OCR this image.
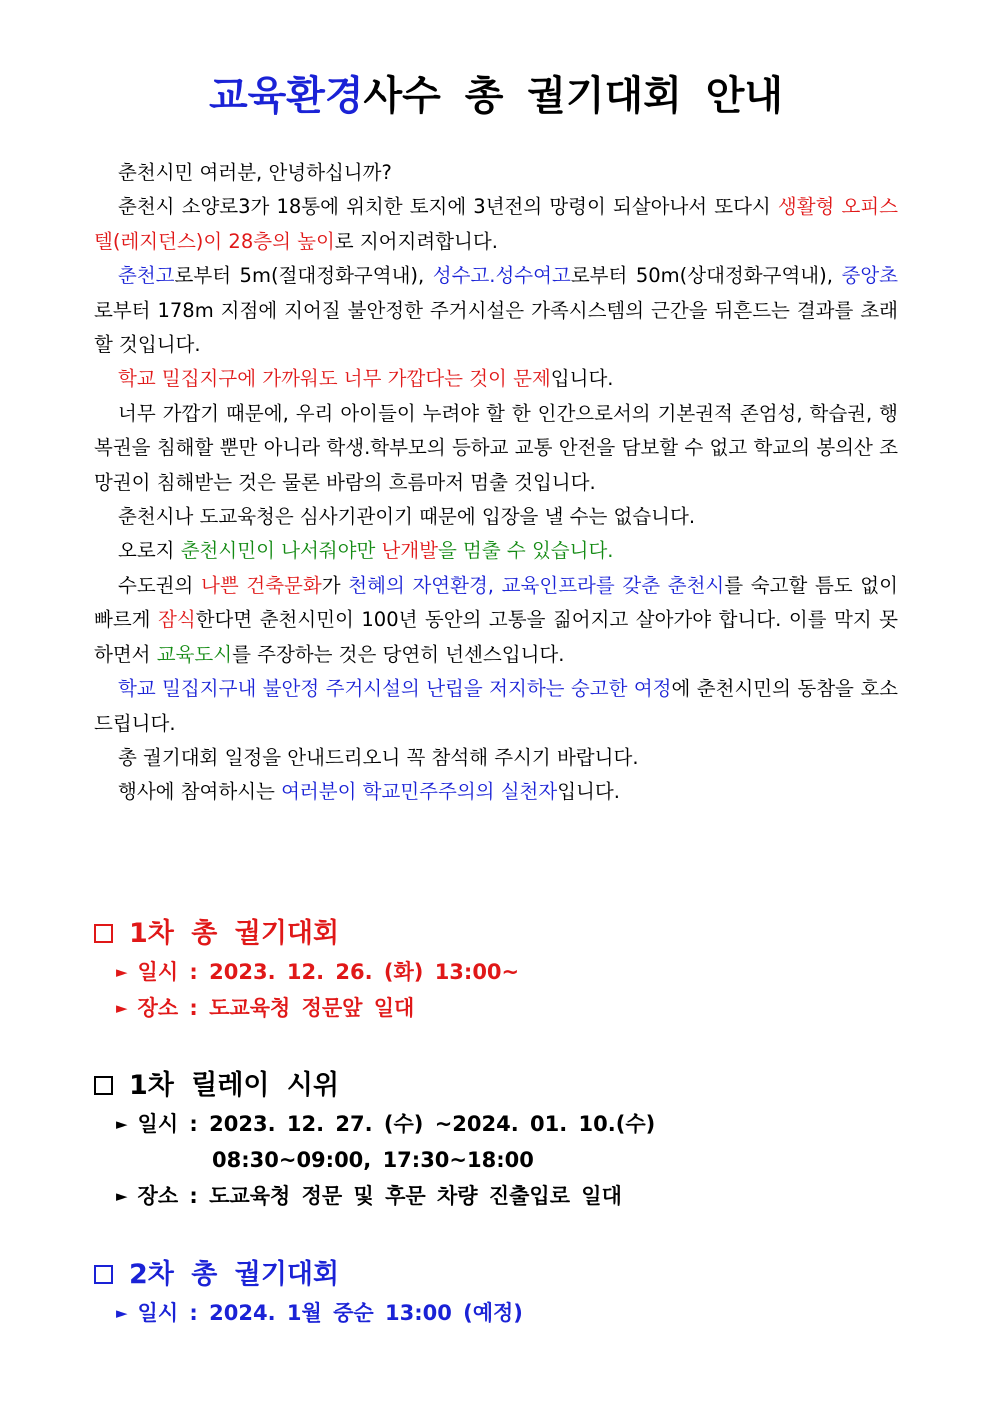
교육환경사수 총 궐기대회 안내

춘천시민 여러분, 안녕하십니까?

춘천시 소양로3가 18통에 위치한 토지에 3년전의 망령이 되살아나서 또다시 생활형 오피스텔(레지던스)이 28층의 높이로 지어지려합니다.

춘천고로부터 5m(절대정화구역내), 성수고.성수여고로부터 50m(상대정화구역내), 중앙초로부터 178m 지점에 지어질 불안정한 주거시설은 가족시스템의 근간을 뒤흔드는 결과를 초래할 것입니다.

학교 밀집지구에 가까워도 너무 가깝다는 것이 문제입니다.

너무 가깝기 때문에, 우리 아이들이 누려야 할 한 인간으로서의 기본권적 존엄성, 학습권, 행복권을 침해할 뿐만 아니라 학생.학부모의 등하교 교통 안전을 담보할 수 없고 학교의 봉의산 조망권이 침해받는 것은 물론 바람의 흐름마저 멈출 것입니다.

춘천시나 도교육청은 심사기관이기 때문에 입장을 낼 수는 없습니다.

오로지 춘천시민이 나서줘야만 난개발을 멈출 수 있습니다.

수도권의 나쁜 건축문화가 천혜의 자연환경, 교육인프라를 갖춘 춘천시를 숙고할 틈도 없이 빠르게 잠식한다면 춘천시민이 100년 동안의 고통을 짊어지고 살아가야 합니다. 이를 막지 못하면서 교육도시를 주장하는 것은 당연히 넌센스입니다.

학교 밀집지구내 불안정 주거시설의 난립을 저지하는 숭고한 여정에 춘천시민의 동참을 호소드립니다.

총 궐기대회 일정을 안내드리오니 꼭 참석해 주시기 바랍니다.

행사에 참여하시는 여러분이 학교민주주의의 실천자입니다.

1차 총 궐기대회
► 일시 : 2023. 12. 26. (화) 13:00~
► 장소 : 도교육청 정문앞 일대
1차 릴레이 시위
► 일시 : 2023. 12. 27. (수) ~2024. 01. 10.(수)
08:30~09:00, 17:30~18:00
► 장소 : 도교육청 정문 및 후문 차량 진출입로 일대
2차 총 궐기대회
► 일시 : 2024. 1월 중순 13:00 (예정)
